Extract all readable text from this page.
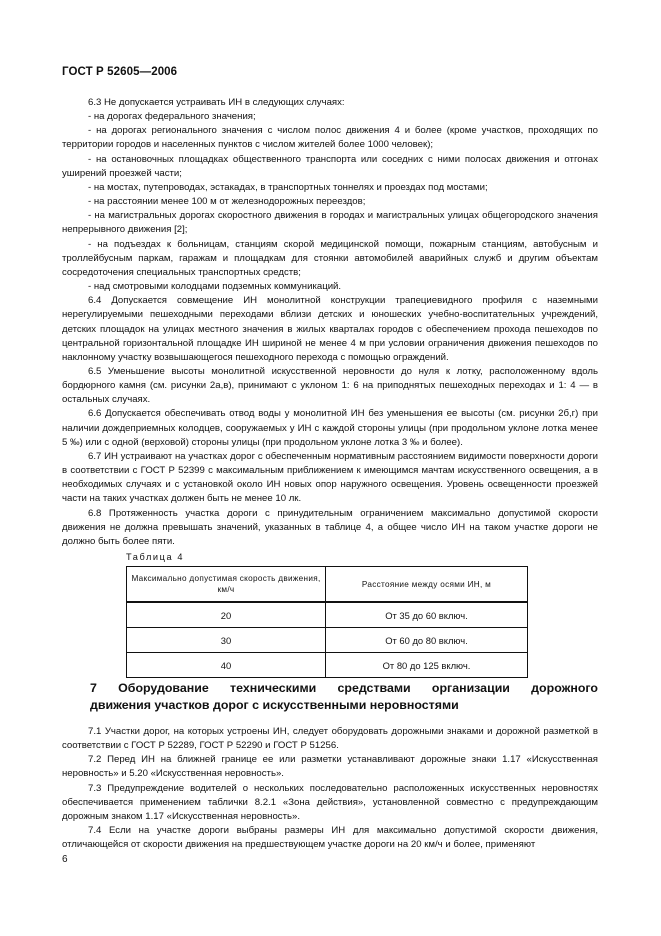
ГОСТ Р 52605—2006

6.3 Не допускается устраивать ИН в следующих случаях:

- на дорогах федерального значения;

- на дорогах регионального значения с числом полос движения 4 и более (кроме участков, проходящих по территории городов и населенных пунктов с числом жителей более 1000 человек);

- на остановочных площадках общественного транспорта или соседних с ними полосах движения и отгонах уширений проезжей части;

- на мостах, путепроводах, эстакадах, в транспортных тоннелях и проездах под мостами;

- на расстоянии менее 100 м от железнодорожных переездов;

- на магистральных дорогах скоростного движения в городах и магистральных улицах общегородского значения непрерывного движения [2];

- на подъездах к больницам, станциям скорой медицинской помощи, пожарным станциям, автобусным и троллейбусным паркам, гаражам и площадкам для стоянки автомобилей аварийных служб и другим объектам сосредоточения специальных транспортных средств;

- над смотровыми колодцами подземных коммуникаций.

6.4 Допускается совмещение ИН монолитной конструкции трапециевидного профиля с наземными нерегулируемыми пешеходными переходами вблизи детских и юношеских учебно-воспитательных учреждений, детских площадок на улицах местного значения в жилых кварталах городов с обеспечением прохода пешеходов по центральной горизонтальной площадке ИН шириной не менее 4 м при условии ограничения движения пешеходов по наклонному участку возвышающегося пешеходного перехода с помощью ограждений.

6.5 Уменьшение высоты монолитной искусственной неровности до нуля к лотку, расположенному вдоль бордюрного камня (см. рисунки 2а,в), принимают с уклоном 1: 6 на приподнятых пешеходных переходах и 1: 4 — в остальных случаях.

6.6 Допускается обеспечивать отвод воды у монолитной ИН без уменьшения ее высоты (см. рисунки 2б,г) при наличии дождеприемных колодцев, сооружаемых у ИН с каждой стороны улицы (при продольном уклоне лотка менее 5 ‰) или с одной (верховой) стороны улицы (при продольном уклоне лотка 3 ‰ и более).

6.7 ИН устраивают на участках дорог с обеспеченным нормативным расстоянием видимости поверхности дороги в соответствии с ГОСТ Р 52399 с максимальным приближением к имеющимся мачтам искусственного освещения, а в необходимых случаях и с установкой около ИН новых опор наружного освещения. Уровень освещенности проезжей части на таких участках должен быть не менее 10 лк.

6.8 Протяженность участка дороги с принудительным ограничением максимально допустимой скорости движения не должна превышать значений, указанных в таблице 4, а общее число ИН на таком участке дороги не должно быть более пяти.

Таблица 4
Максимально допустимая скорость движения, км/ч	Расстояние между осями ИН, м
20	От 35 до 60 включ.
30	От 60 до 80 включ.
40	От 80 до 125 включ.
7 Оборудование техническими средствами организации дорожного
движения участков дорог с искусственными неровностями

7.1 Участки дорог, на которых устроены ИН, следует оборудовать дорожными знаками и дорожной разметкой в соответствии с ГОСТ Р 52289, ГОСТ Р 52290 и ГОСТ Р 51256.

7.2 Перед ИН на ближней границе ее или разметки устанавливают дорожные знаки 1.17 «Искусственная неровность» и 5.20 «Искусственная неровность».

7.3 Предупреждение водителей о нескольких последовательно расположенных искусственных неровностях обеспечивается применением таблички 8.2.1 «Зона действия», установленной совместно с предупреждающим дорожным знаком 1.17 «Искусственная неровность».

7.4 Если на участке дороги выбраны размеры ИН для максимально допустимой скорости движения, отличающейся от скорости движения на предшествующем участке дороги на 20 км/ч и более, применяют

6
